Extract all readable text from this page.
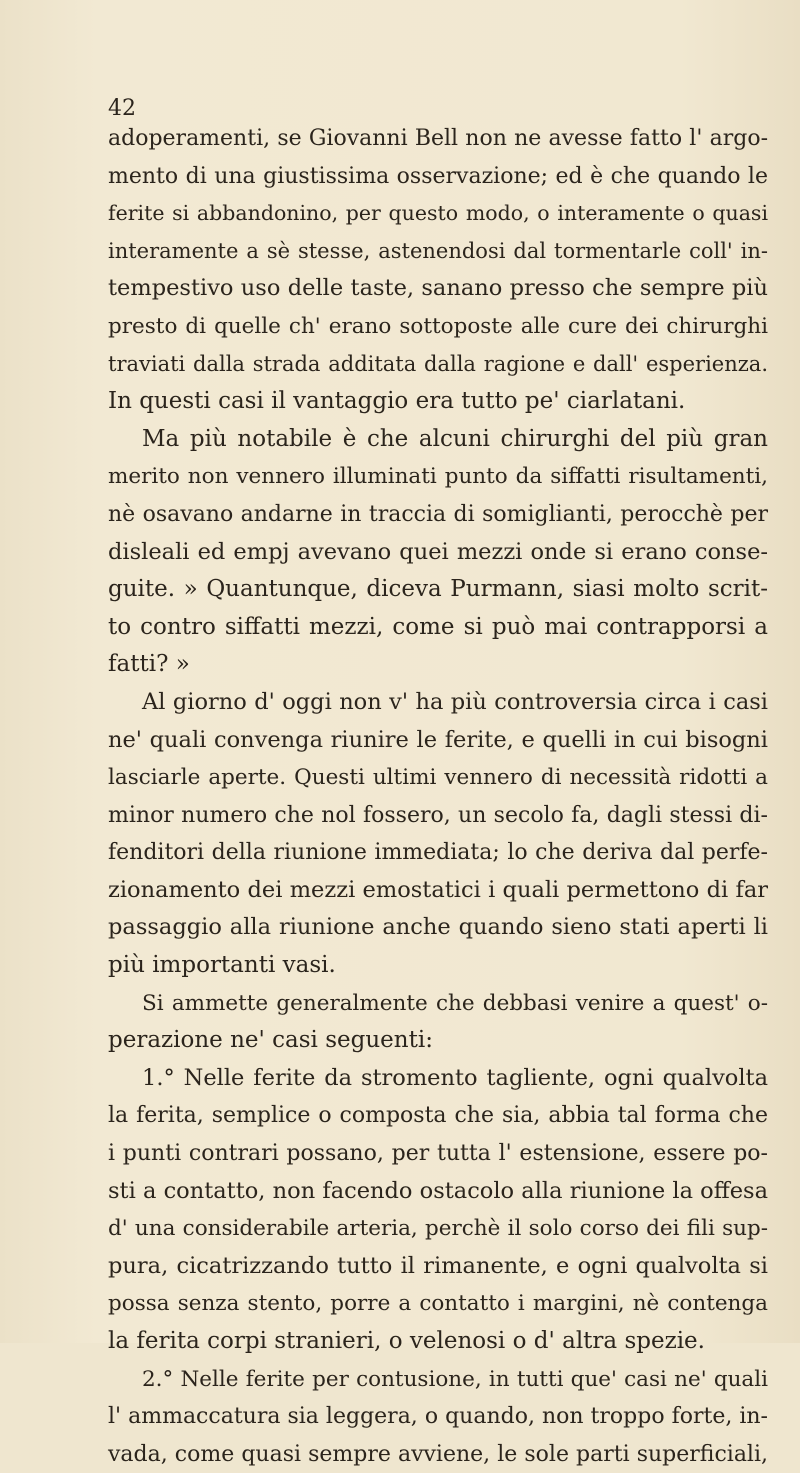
42
adoperamenti, se Giovanni Bell non ne avesse fatto l' argo-
mento di una giustissima osservazione; ed è che quando le
ferite si abbandonino, per questo modo, o interamente o quasi
interamente a sè stesse, astenendosi dal tormentarle coll' in-
tempestivo uso delle taste, sanano presso che sempre più
presto di quelle ch' erano sottoposte alle cure dei chirurghi
traviati dalla strada additata dalla ragione e dall' esperienza.
In questi casi il vantaggio era tutto pe' ciarlatani.
Ma più notabile è che alcuni chirurghi del più gran
merito non vennero illuminati punto da siffatti risultamenti,
nè osavano andarne in traccia di somiglianti, perocchè per
disleali ed empj avevano quei mezzi onde si erano conse-
guite. » Quantunque, diceva Purmann, siasi molto scrit-
to contro siffatti mezzi, come si può mai contrapporsi a
fatti? »
Al giorno d' oggi non v' ha più controversia circa i casi
ne' quali convenga riunire le ferite, e quelli in cui bisogni
lasciarle aperte. Questi ultimi vennero di necessità ridotti a
minor numero che nol fossero, un secolo fa, dagli stessi di-
fenditori della riunione immediata; lo che deriva dal perfe-
zionamento dei mezzi emostatici i quali permettono di far
passaggio alla riunione anche quando sieno stati aperti li
più importanti vasi.
Si ammette generalmente che debbasi venire a quest' o-
perazione ne' casi seguenti:
1.° Nelle ferite da stromento tagliente, ogni qualvolta
la ferita, semplice o composta che sia, abbia tal forma che
i punti contrari possano, per tutta l' estensione, essere po-
sti a contatto, non facendo ostacolo alla riunione la offesa
d' una considerabile arteria, perchè il solo corso dei fili sup-
pura, cicatrizzando tutto il rimanente, e ogni qualvolta si
possa senza stento, porre a contatto i margini, nè contenga
la ferita corpi stranieri, o velenosi o d' altra spezie.
2.° Nelle ferite per contusione, in tutti que' casi ne' quali
l' ammaccatura sia leggera, o quando, non troppo forte, in-
vada, come quasi sempre avviene, le sole parti superficiali,
